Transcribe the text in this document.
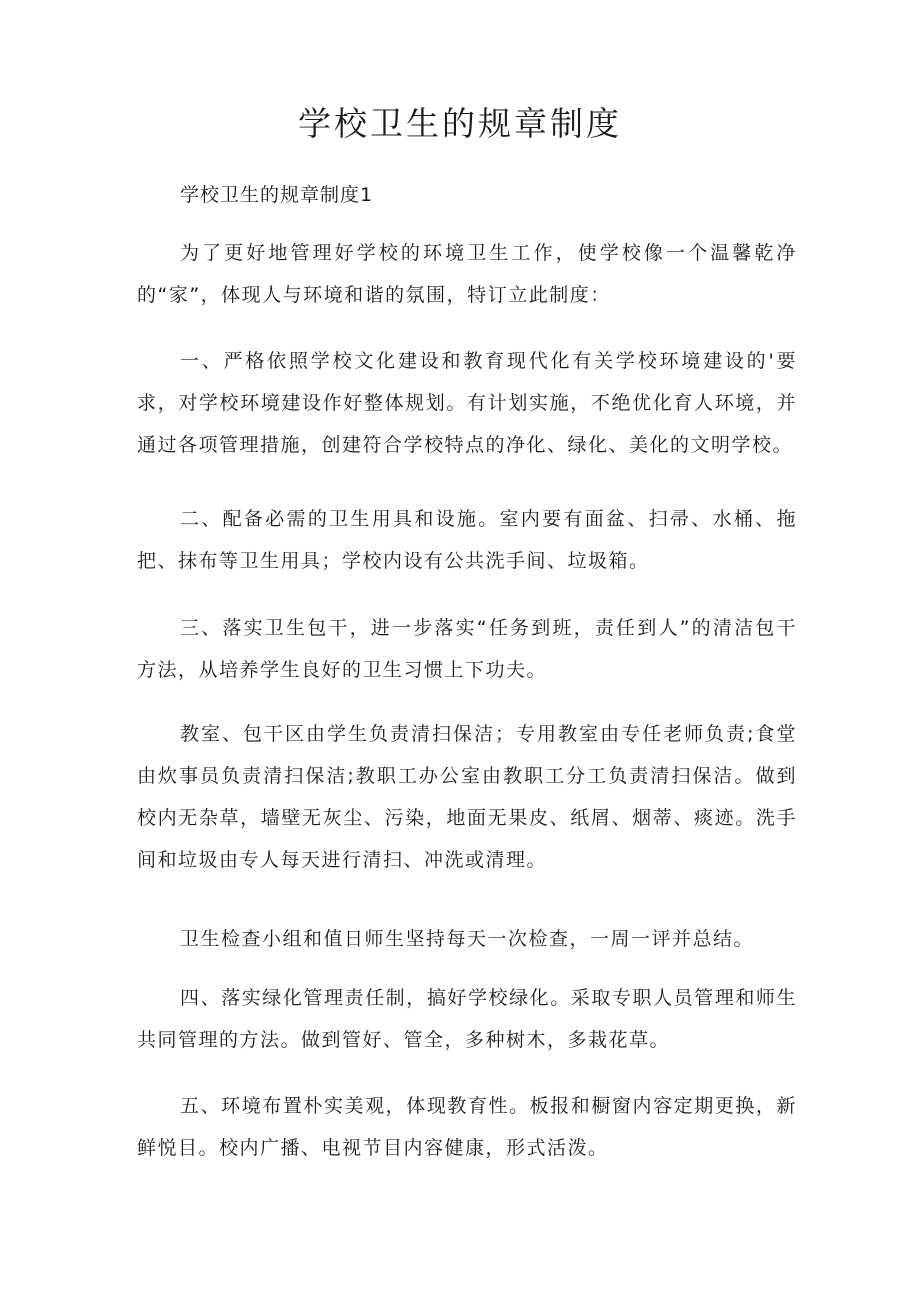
学校卫生的规章制度

学校卫生的规章制度1

为了更好地管理好学校的环境卫生工作，使学校像一个温馨乾净的“家”，体现人与环境和谐的氛围，特订立此制度：

一、严格依照学校文化建设和教育现代化有关学校环境建设的'要求，对学校环境建设作好整体规划。有计划实施，不绝优化育人环境，并通过各项管理措施，创建符合学校特点的净化、绿化、美化的文明学校。

二、配备必需的卫生用具和设施。室内要有面盆、扫帚、水桶、拖把、抹布等卫生用具；学校内设有公共洗手间、垃圾箱。

三、落实卫生包干，进一步落实“任务到班，责任到人”的清洁包干方法，从培养学生良好的卫生习惯上下功夫。

教室、包干区由学生负责清扫保洁；专用教室由专任老师负责;食堂由炊事员负责清扫保洁;教职工办公室由教职工分工负责清扫保洁。做到校内无杂草，墙壁无灰尘、污染，地面无果皮、纸屑、烟蒂、痰迹。洗手间和垃圾由专人每天进行清扫、冲洗或清理。

卫生检查小组和值日师生坚持每天一次检查，一周一评并总结。

四、落实绿化管理责任制，搞好学校绿化。采取专职人员管理和师生共同管理的方法。做到管好、管全，多种树木，多栽花草。

五、环境布置朴实美观，体现教育性。板报和橱窗内容定期更换，新鲜悦目。校内广播、电视节目内容健康，形式活泼。
